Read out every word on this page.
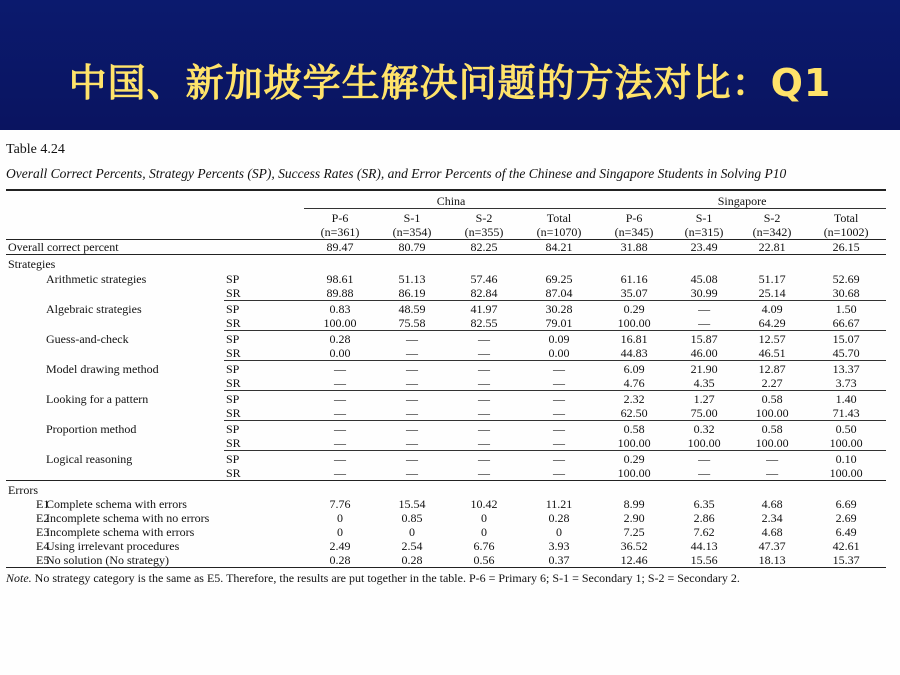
中国、新加坡学生解决问题的方法对比：Q1
Table 4.24
Overall Correct Percents, Strategy Percents (SP), Success Rates (SR), and Error Percents of the Chinese and Singapore Students in Solving P10
			China				Singapore			
			P-6	S-1	S-2	Total	P-6	S-1	S-2	Total
			(n=361)	(n=354)	(n=355)	(n=1070)	(n=345)	(n=315)	(n=342)	(n=1002)
Overall correct percent			89.47	80.79	82.25	84.21	31.88	23.49	22.81	26.15
Strategies										
	Arithmetic strategies	SP	98.61	51.13	57.46	69.25	61.16	45.08	51.17	52.69
		SR	89.88	86.19	82.84	87.04	35.07	30.99	25.14	30.68
	Algebraic strategies	SP	0.83	48.59	41.97	30.28	0.29	—	4.09	1.50
		SR	100.00	75.58	82.55	79.01	100.00	—	64.29	66.67
	Guess-and-check	SP	0.28	—	—	0.09	16.81	15.87	12.57	15.07
		SR	0.00	—	—	0.00	44.83	46.00	46.51	45.70
	Model drawing method	SP	—	—	—	—	6.09	21.90	12.87	13.37
		SR	—	—	—	—	4.76	4.35	2.27	3.73
	Looking for a pattern	SP	—	—	—	—	2.32	1.27	0.58	1.40
		SR	—	—	—	—	62.50	75.00	100.00	71.43
	Proportion method	SP	—	—	—	—	0.58	0.32	0.58	0.50
		SR	—	—	—	—	100.00	100.00	100.00	100.00
	Logical reasoning	SP	—	—	—	—	0.29	—	—	0.10
		SR	—	—	—	—	100.00	—	—	100.00
Errors										
E1	Complete schema with errors		7.76	15.54	10.42	11.21	8.99	6.35	4.68	6.69
E2	Incomplete schema with no errors		0	0.85	0	0.28	2.90	2.86	2.34	2.69
E3	Incomplete schema with errors		0	0	0	0	7.25	7.62	4.68	6.49
E4	Using irrelevant procedures		2.49	2.54	6.76	3.93	36.52	44.13	47.37	42.61
E5	No solution (No strategy)		0.28	0.28	0.56	0.37	12.46	15.56	18.13	15.37
Note. No strategy category is the same as E5. Therefore, the results are put together in the table. P-6 = Primary 6; S-1 = Secondary 1; S-2 = Secondary 2.
